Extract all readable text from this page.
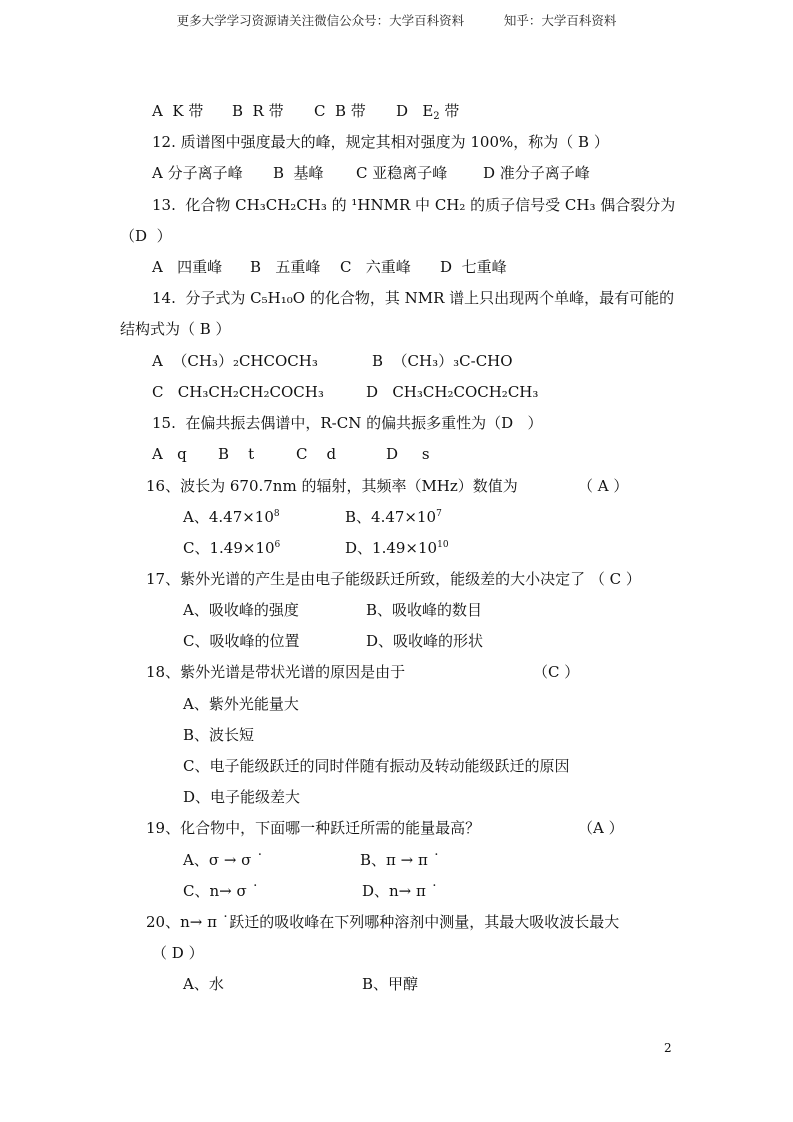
更多大学学习资源请关注微信公众号：大学百科资料	知乎：大学百科资料
A  K 带 B  R 带 C  B 带 D   $E_2$ 带
12. 质谱图中强度最大的峰，规定其相对强度为 100%，称为（ B ）
A 分子离子峰 B  基峰 C 亚稳离子峰 D 准分子离子峰
13.  化合物 CH₃CH₂CH₃ 的 ¹HNMR 中 CH₂ 的质子信号受 CH₃ 偶合裂分为
（D  ）
A   四重峰 B   五重峰 C   六重峰 D  七重峰
14.  分子式为 C₅H₁₀O 的化合物，其 NMR 谱上只出现两个单峰，最有可能的
结构式为（ B ）
A  （CH₃）₂CHCOCH₃	B  （CH₃）₃C-CHO
C   CH₃CH₂CH₂COCH₃	D   CH₃CH₂COCH₂CH₃
15.  在偏共振去偶谱中，R-CN 的偏共振多重性为（D   ）
A   q B    t	C    d	D     s
16、波长为 670.7nm 的辐射，其频率（MHz）数值为	（ A ）
A、$4.47\times 10^8$	B、$4.47\times 10^7$
C、$1.49\times 10^6$	D、$1.49\times 10^{10}$
17、紫外光谱的产生是由电子能级跃迁所致，能级差的大小决定了 （ C ）
A、吸收峰的强度	B、吸收峰的数目
C、吸收峰的位置	D、吸收峰的形状
18、紫外光谱是带状光谱的原因是由于	（C ）
A、紫外光能量大
B、波长短
C、电子能级跃迁的同时伴随有振动及转动能级跃迁的原因
D、电子能级差大
19、化合物中，下面哪一种跃迁所需的能量最高？	（A ）
A、σ → σ ˙	B、π → π ˙
C、n→ σ ˙	D、n→ π ˙
20、n→ π ˙跃迁的吸收峰在下列哪种溶剂中测量，其最大吸收波长最大
（ D ）
A、水	B、甲醇
2
